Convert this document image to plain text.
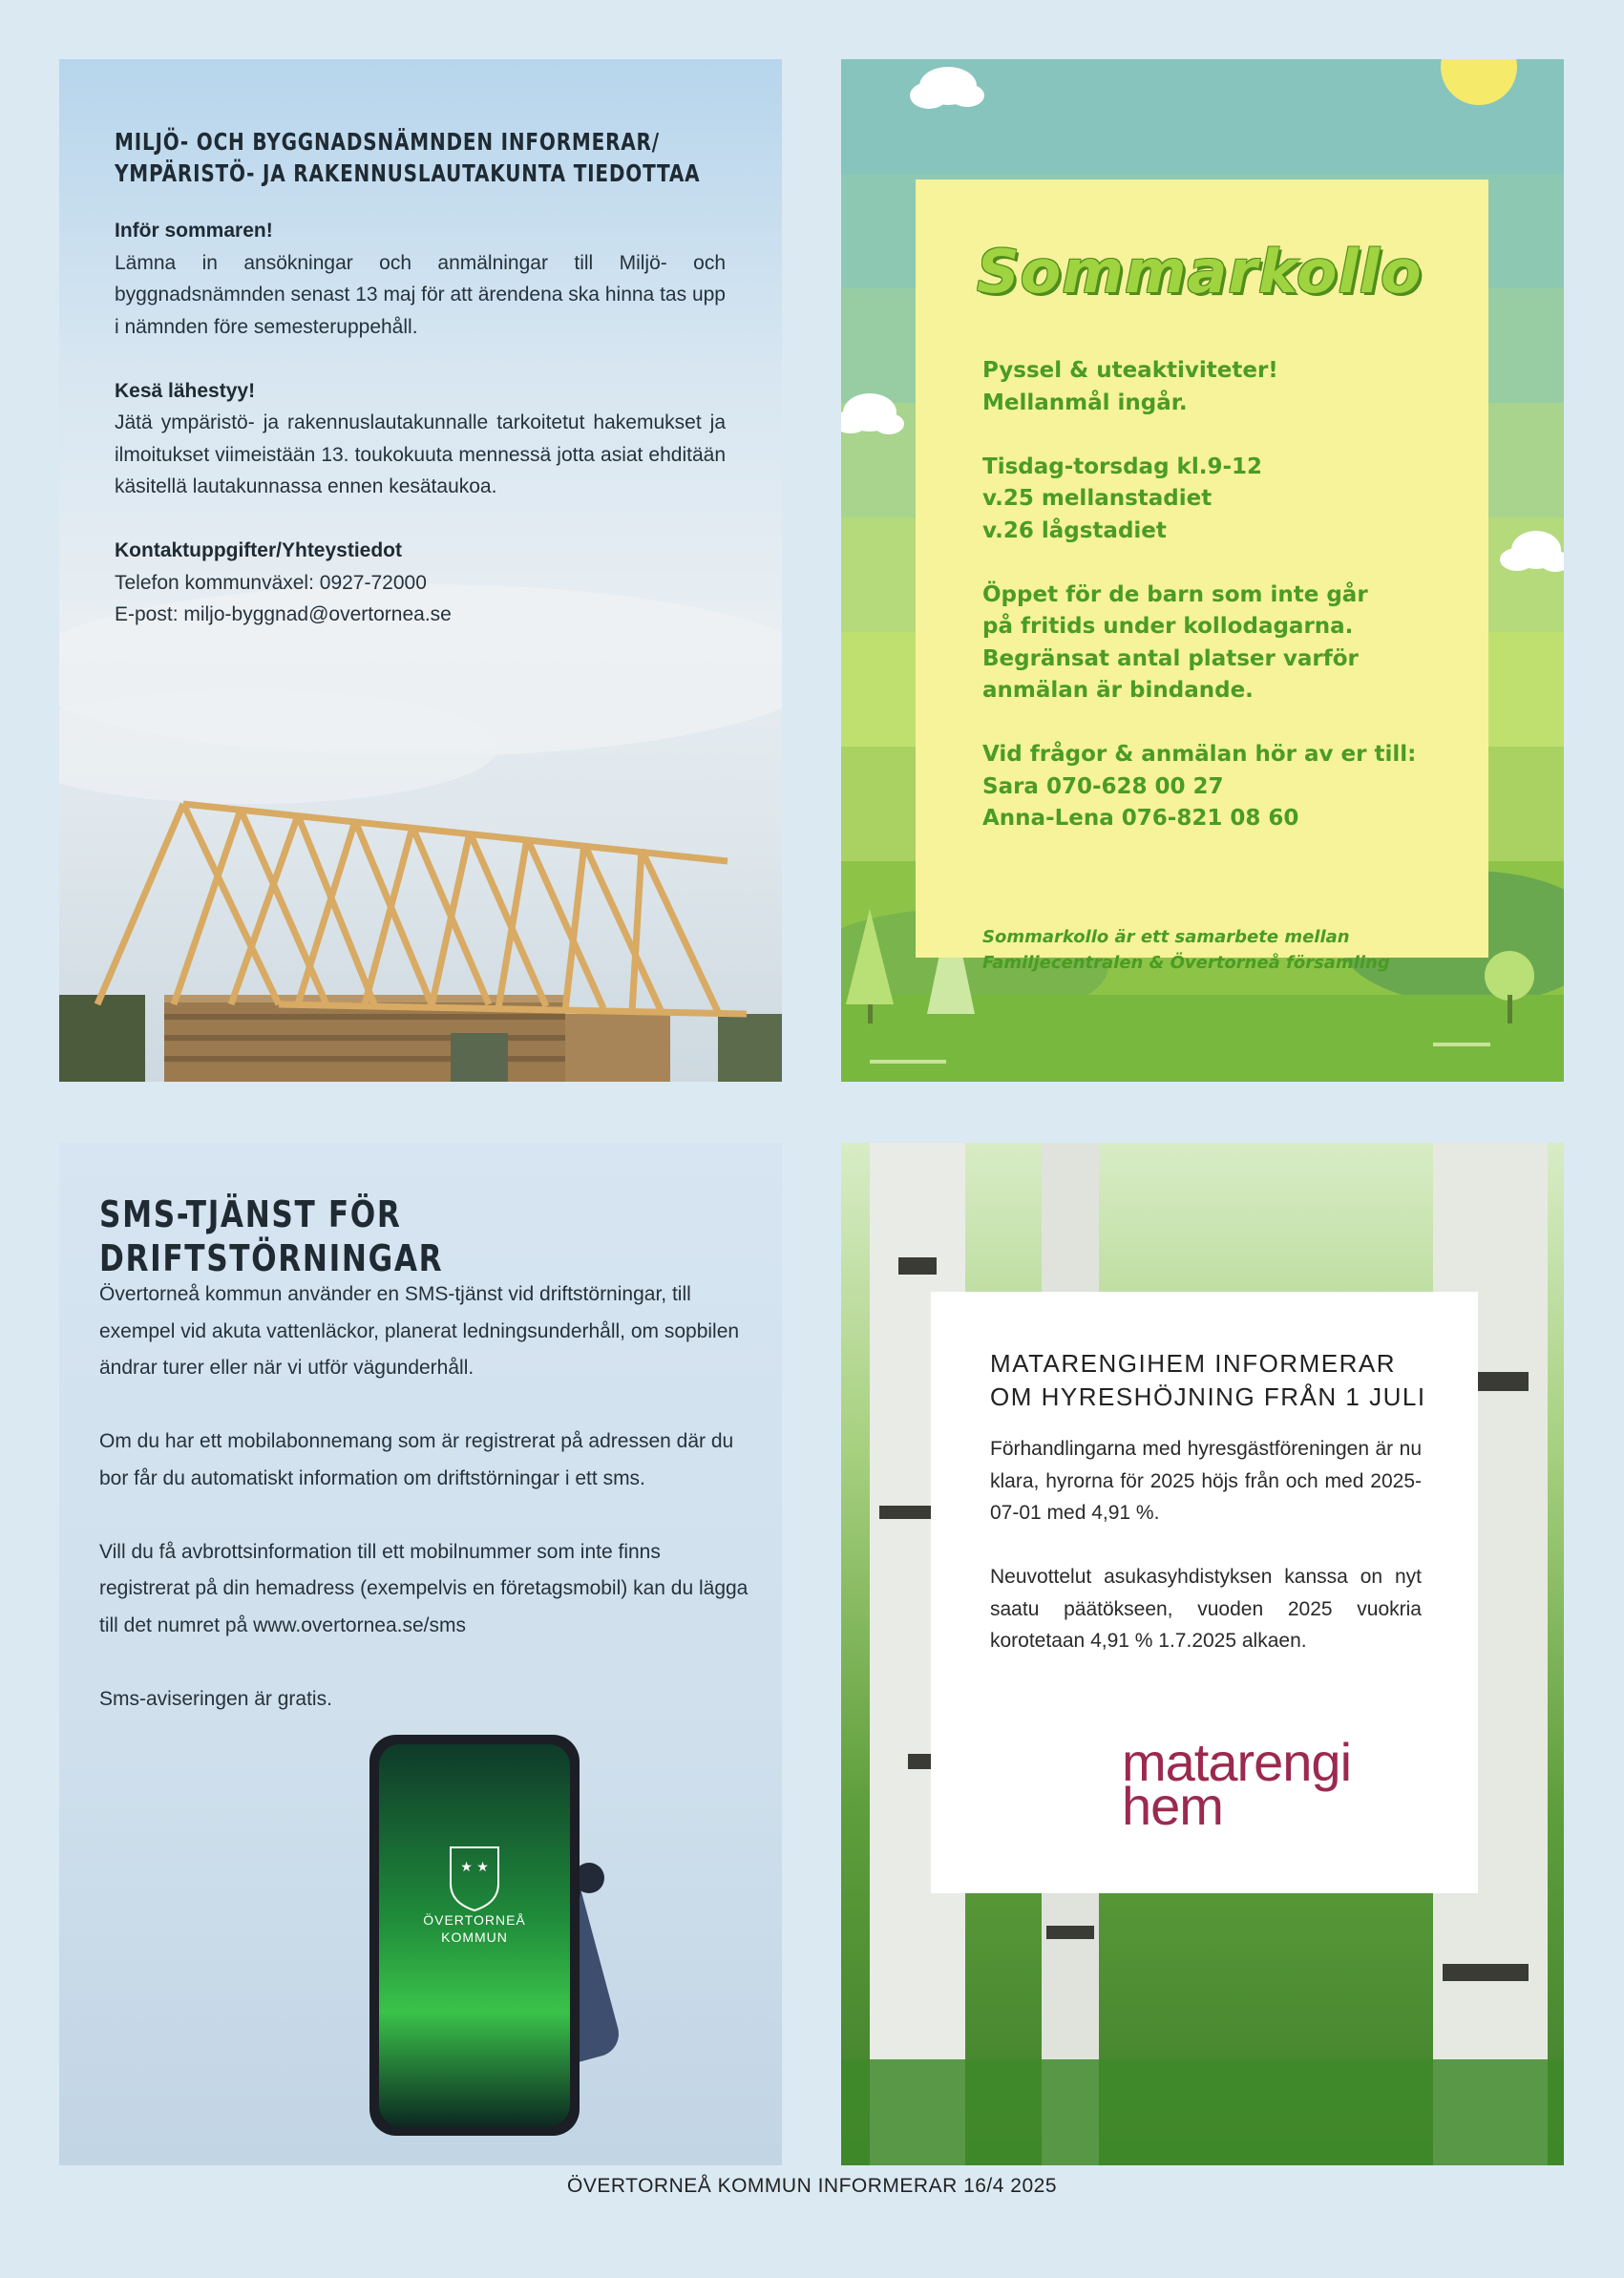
MILJÖ- OCH BYGGNADSNÄMNDEN INFORMERAR/
YMPÄRISTÖ- JA RAKENNUSLAUTAKUNTA TIEDOTTAA

Inför sommaren!
Lämna in ansökningar och anmälningar till Miljö- och byggnadsnämnden senast 13 maj för att ärendena ska hinna tas upp i nämnden före semesteruppehåll.

Kesä lähestyy!
Jätä ympäristö- ja rakennuslautakunnalle tarkoitetut hakemukset ja ilmoitukset viimeistään 13. toukokuuta mennessä jotta asiat ehditään käsitellä lautakunnassa ennen kesätaukoa.

Kontaktuppgifter/Yhteystiedot
Telefon kommunväxel: 0927-72000
E-post: miljo-byggnad@overtornea.se

Sommarkollo

Pyssel & uteaktiviteter!
Mellanmål ingår.

Tisdag-torsdag kl.9-12
v.25 mellanstadiet
v.26 lågstadiet

Öppet för de barn som inte går
på fritids under kollodagarna.
Begränsat antal platser varför
anmälan är bindande.

Vid frågor & anmälan hör av er till:
Sara 070-628 00 27
Anna-Lena 076-821 08 60

Sommarkollo är ett samarbete mellan
Familjecentralen & Övertorneå församling
SMS-TJÄNST FÖR DRIFTSTÖRNINGAR

Övertorneå kommun använder en SMS-tjänst vid driftstörningar, till exempel vid akuta vattenläckor, planerat ledningsunderhåll, om sopbilen ändrar turer eller när vi utför vägunderhåll.

Om du har ett mobilabonnemang som är registrerat på adressen där du bor får du automatiskt information om driftstörningar i ett sms.

Vill du få avbrottsinformation till ett mobilnummer som inte finns registrerat på din hemadress (exempelvis en företagsmobil) kan du lägga till det numret på www.overtornea.se/sms

Sms-aviseringen är gratis.

★ ★
ÖVERTORNEÅ
KOMMUN
MATARENGIHEM INFORMERAR
OM HYRESHÖJNING FRÅN 1 JULI

Förhandlingarna med hyresgästföreningen är nu klara, hyrorna för 2025 höjs från och med 2025-07-01 med 4,91 %.

Neuvottelut asukasyhdistyksen kanssa on nyt saatu päätökseen, vuoden 2025 vuokria korotetaan 4,91 % 1.7.2025 alkaen.

matarengi
hem
ÖVERTORNEÅ KOMMUN INFORMERAR 16/4 2025
